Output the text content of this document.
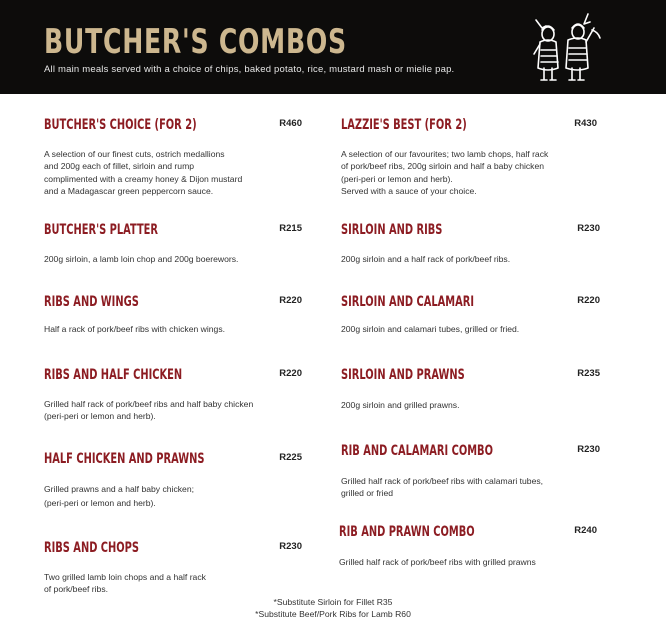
BUTCHER'S COMBOS
All main meals served with a choice of chips, baked potato, rice, mustard mash or mielie pap.
BUTCHER'S CHOICE (FOR 2)	R460
A selection of our finest cuts, ostrich medallions
and 200g each of fillet, sirloin and rump
complimented with a creamy honey & Dijon mustard
and a Madagascar green peppercorn sauce.
BUTCHER'S PLATTER	R215
200g sirloin, a lamb loin chop and 200g boerewors.
RIBS AND WINGS	R220
Half a rack of pork/beef ribs with chicken wings.
RIBS AND HALF CHICKEN	R220
Grilled half rack of pork/beef ribs and half baby chicken
(peri-peri or lemon and herb).
HALF CHICKEN AND PRAWNS	R225
Grilled prawns and a half baby chicken;
(peri-peri or lemon and herb).
RIBS AND CHOPS	R230
Two grilled lamb loin chops and a half rack
of pork/beef ribs.
LAZZIE'S BEST (FOR 2)	R430
A selection of our favourites; two lamb chops, half rack
of pork/beef ribs, 200g sirloin and half a baby chicken
(peri-peri or lemon and herb).
Served with a sauce of your choice.
SIRLOIN AND RIBS	R230
200g sirloin and a half rack of pork/beef ribs.
SIRLOIN AND CALAMARI	R220
200g sirloin and calamari tubes, grilled or fried.
SIRLOIN AND PRAWNS	R235
200g sirloin and grilled prawns.
RIB AND CALAMARI COMBO	R230
Grilled half rack of pork/beef ribs with calamari tubes,
grilled or fried
RIB AND PRAWN COMBO	R240
Grilled half rack of pork/beef ribs with grilled prawns
*Substitute Sirloin for Fillet R35
*Substitute Beef/Pork Ribs for Lamb R60
